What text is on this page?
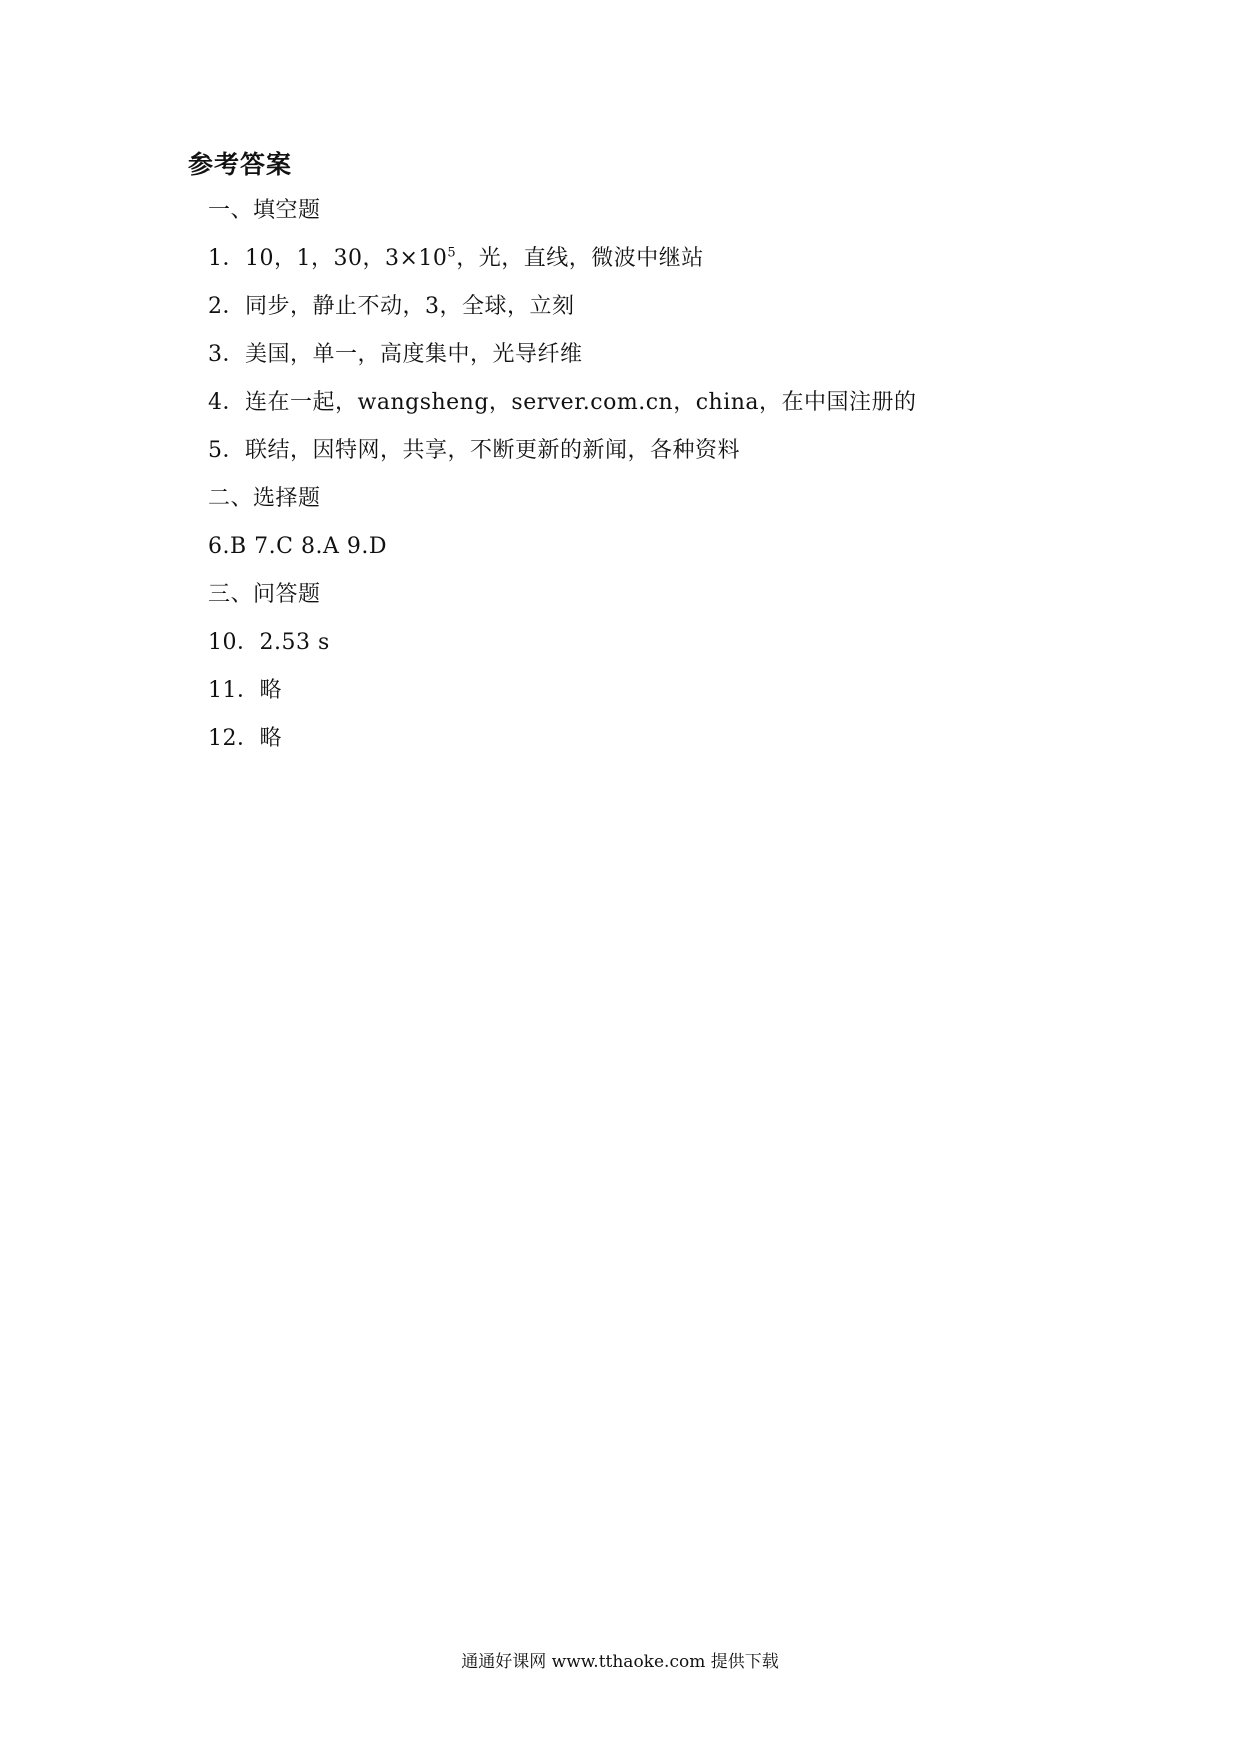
参考答案
一、填空题
1．10，1，30，$3\times 10^5$，光，直线，微波中继站
2．同步，静止不动，3，全球，立刻
3．美国，单一，高度集中，光导纤维
4．连在一起，wangsheng，server.com.cn，china，在中国注册的
5．联结，因特网，共享，不断更新的新闻，各种资料
二、选择题
6.B 7.C 8.A 9.D
三、问答题
10．2.53 s
11．略
12．略
通通好课网 www.tthaoke.com 提供下载
